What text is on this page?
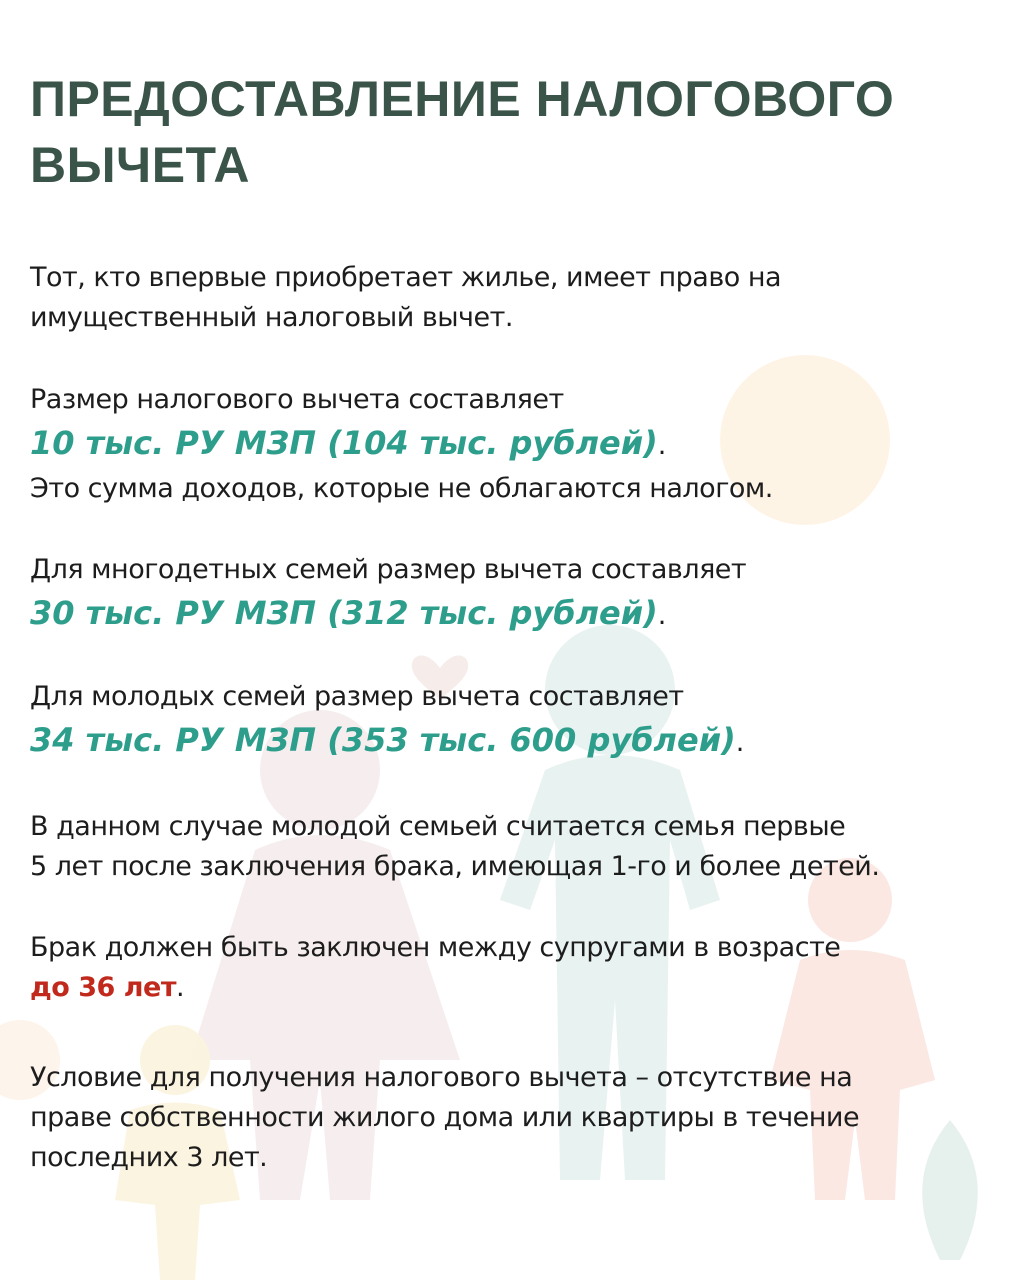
ПРЕДОСТАВЛЕНИЕ НАЛОГОВОГО
ВЫЧЕТА
Тот, кто впервые приобретает жилье, имеет право на
имущественный налоговый вычет.
Размер налогового вычета составляет
10 тыс. РУ МЗП (104 тыс. рублей).
Это сумма доходов, которые не облагаются налогом.
Для многодетных семей размер вычета составляет
30 тыс. РУ МЗП (312 тыс. рублей).
Для молодых семей размер вычета составляет
34 тыс. РУ МЗП (353 тыс. 600 рублей).
В данном случае молодой семьей считается семья первые
5 лет после заключения брака, имеющая 1-го и более детей.
Брак должен быть заключен между супругами в возрасте
до 36 лет.
Условие для получения налогового вычета – отсутствие на
праве собственности жилого дома или квартиры в течение
последних 3 лет.
